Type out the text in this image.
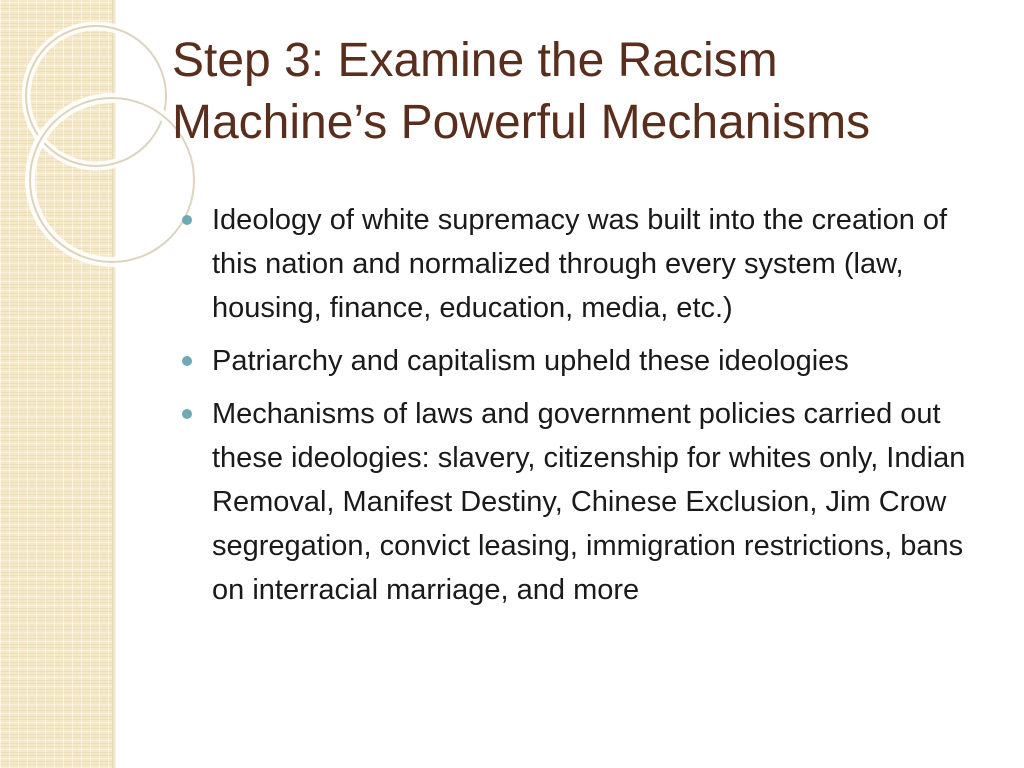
Step 3: Examine the Racism Machine’s Powerful Mechanisms
Ideology of white supremacy was built into the creation of this nation and normalized through every system (law, housing, finance, education, media, etc.)
Patriarchy and capitalism upheld these ideologies
Mechanisms of laws and government policies carried out these ideologies: slavery, citizenship for whites only, Indian Removal, Manifest Destiny, Chinese Exclusion, Jim Crow segregation, convict leasing, immigration restrictions, bans on interracial marriage, and more
